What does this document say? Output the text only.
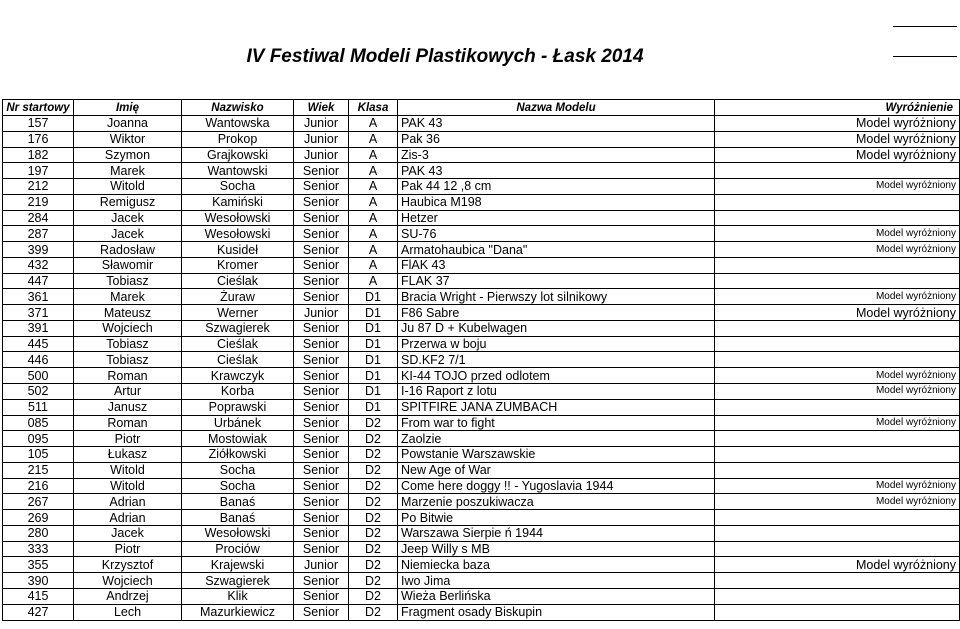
IV Festiwal Modeli Plastikowych - Łask 2014
Nr startowy	Imię	Nazwisko	Wiek	Klasa	Nazwa Modelu	Wyróżnienie
157	Joanna	Wantowska	Junior	A	PAK 43	Model wyróżniony
176	Wiktor	Prokop	Junior	A	Pak 36	Model wyróżniony
182	Szymon	Grajkowski	Junior	A	Zis-3	Model wyróżniony
197	Marek	Wantowski	Senior	A	PAK 43	
212	Witold	Socha	Senior	A	Pak 44 12 ,8 cm	Model wyróżniony
219	Remigusz	Kamiński	Senior	A	Haubica M198	
284	Jacek	Wesołowski	Senior	A	Hetzer	
287	Jacek	Wesołowski	Senior	A	SU-76	Model wyróżniony
399	Radosław	Kusideł	Senior	A	Armatohaubica "Dana"	Model wyróżniony
432	Sławomir	Kromer	Senior	A	FlAK 43	
447	Tobiasz	Cieślak	Senior	A	FLAK 37	
361	Marek	Żuraw	Senior	D1	Bracia Wright - Pierwszy lot silnikowy	Model wyróżniony
371	Mateusz	Werner	Junior	D1	F86 Sabre	Model wyróżniony
391	Wojciech	Szwagierek	Senior	D1	Ju 87 D + Kubelwagen	
445	Tobiasz	Cieślak	Senior	D1	Przerwa w boju	
446	Tobiasz	Cieślak	Senior	D1	SD.KF2 7/1	
500	Roman	Krawczyk	Senior	D1	KI-44 TOJO przed odlotem	Model wyróżniony
502	Artur	Korba	Senior	D1	I-16 Raport z lotu	Model wyróżniony
511	Janusz	Poprawski	Senior	D1	SPITFIRE JANA ZUMBACH	
085	Roman	Urbánek	Senior	D2	From war to fight	Model wyróżniony
095	Piotr	Mostowiak	Senior	D2	Zaolzie	
105	Łukasz	Ziółkowski	Senior	D2	Powstanie Warszawskie	
215	Witold	Socha	Senior	D2	New Age of War	
216	Witold	Socha	Senior	D2	Come here doggy !! - Yugoslavia 1944	Model wyróżniony
267	Adrian	Banaś	Senior	D2	Marzenie poszukiwacza	Model wyróżniony
269	Adrian	Banaś	Senior	D2	Po Bitwie	
280	Jacek	Wesołowski	Senior	D2	Warszawa Sierpie ń 1944	
333	Piotr	Prociów	Senior	D2	Jeep Willy s MB	
355	Krzysztof	Krajewski	Junior	D2	Niemiecka baza	Model wyróżniony
390	Wojciech	Szwagierek	Senior	D2	Iwo Jima	
415	Andrzej	Klik	Senior	D2	Wieża Berlińska	
427	Lech	Mazurkiewicz	Senior	D2	Fragment osady Biskupin	
